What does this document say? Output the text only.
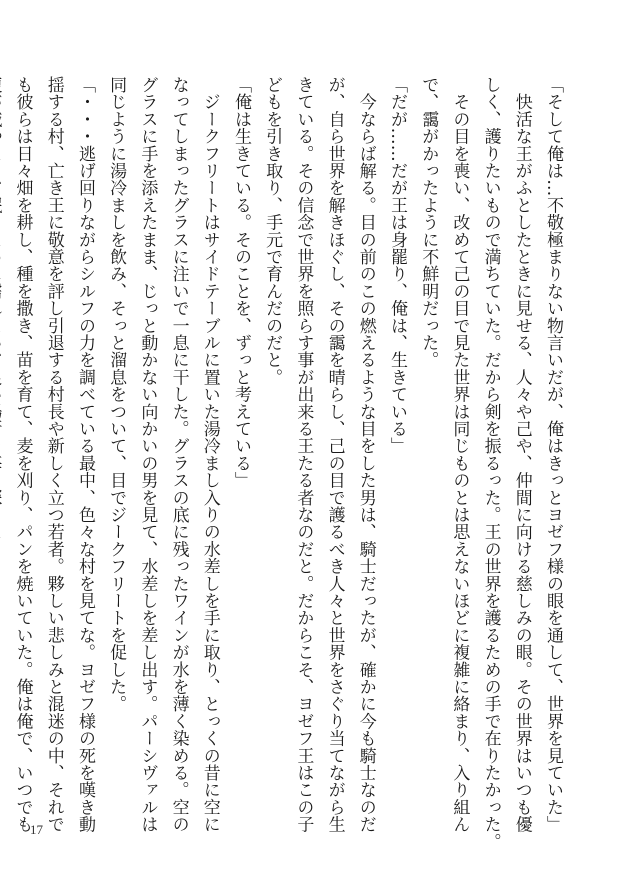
「そして俺は…不敬極まりない物言いだが、俺はきっとヨゼフ様の眼を通して、世界を見ていた」

　快活な王がふとしたときに見せる、人々や己や、仲間に向ける慈しみの眼。その世界はいつも優

しく、護りたいもので満ちていた。だから剣を振るった。王の世界を護るための手で在りたかった。

　その目を喪い、改めて己の目で見た世界は同じものとは思えないほどに複雑に絡まり、入り組ん

で、靄がかったように不鮮明だった。

「だが……だが王は身罷り、俺は、生きている」

　今ならば解る。目の前のこの燃えるような目をした男は、騎士だったが、確かに今も騎士なのだ

が、自ら世界を解きほぐし、その靄を晴らし、己の目で護るべき人々と世界をさぐり当てながら生

きている。その信念で世界を照らす事が出来る王たる者なのだと。だからこそ、ヨゼフ王はこの子

どもを引き取り、手元で育んだのだと。

「俺は生きている。そのことを、ずっと考えている」

　ジークフリートはサイドテーブルに置いた湯冷まし入りの水差しを手に取り、とっくの昔に空に

なってしまったグラスに注いで一息に干した。グラスの底に残ったワインが水を薄く染める。空の

グラスに手を添えたまま、じっと動かない向かいの男を見て、水差しを差し出す。パーシヴァルは

同じように湯冷ましを飲み、そっと溜息をついて、目でジークフリートを促した。

「・・・逃げ回りながらシルフの力を調べている最中、色々な村を見てな。ヨゼフ様の死を嘆き動

揺する村、亡き王に敬意を評し引退する村長や新しく立つ若者。夥しい悲しみと混迷の中、それで

も彼らは日々畑を耕し、種を撒き、苗を育て、麦を刈り、パンを焼いていた。俺は俺で、いつでも

17
